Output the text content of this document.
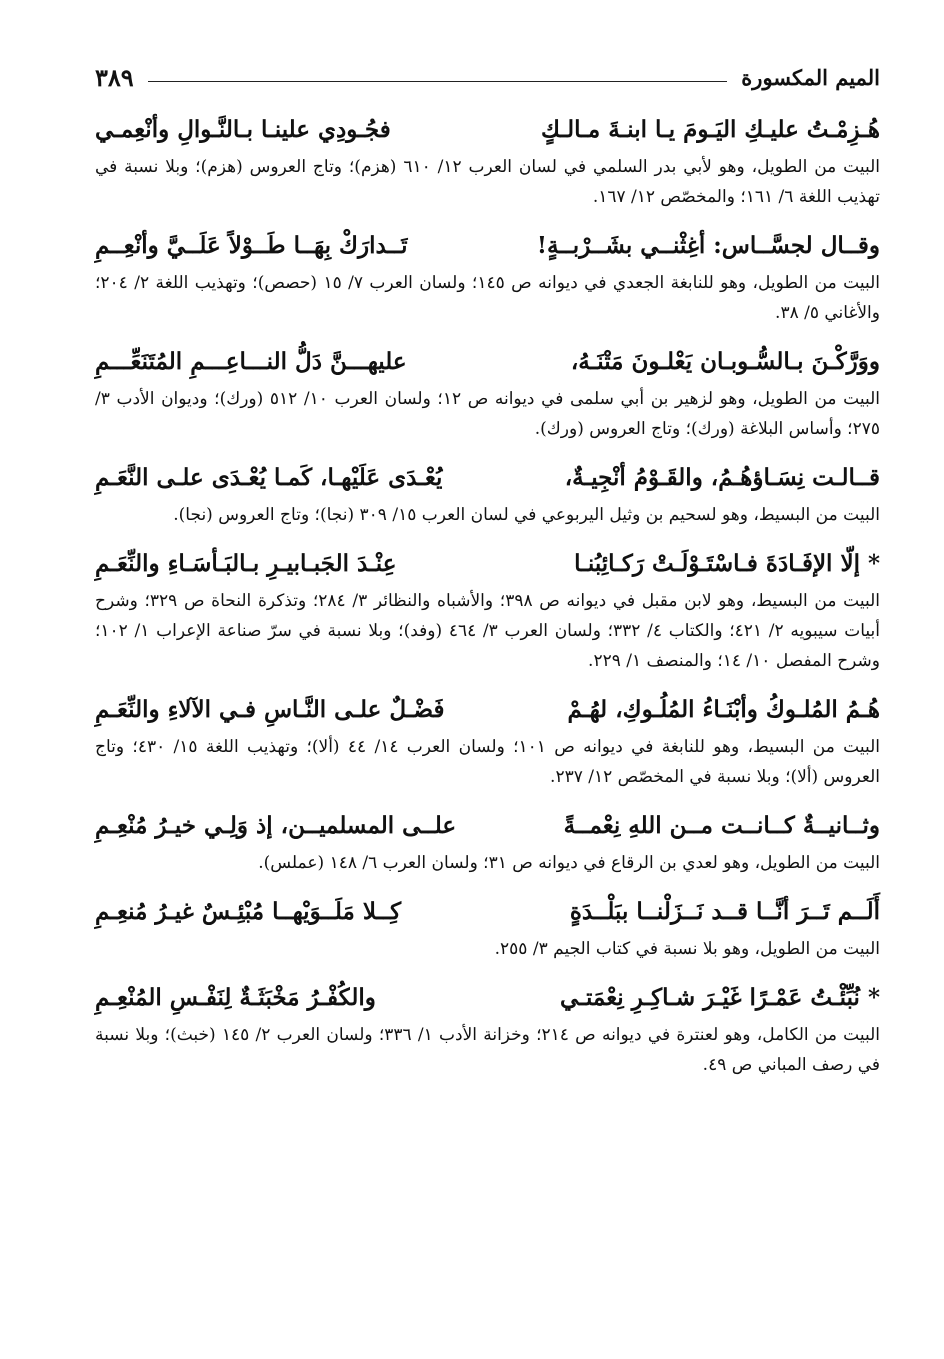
الميم المكسورة
٣٨٩
هُـزِمْـتُ عليـكِ اليَـومَ يـا ابنـةَ مـالـكٍ
فجُـودِي علينـا بـالنَّـوالِ وأنْعِمـي

البيت من الطويل، وهو لأبي بدر السلمي في لسان العرب ١٢/ ٦١٠ (هزم)؛ وتاج العروس (هزم)؛ وبلا نسبة في تهذيب اللغة ٦/ ١٦١؛ والمخصّص ١٢/ ١٦٧.

وقــال لجسَّــاس: أغِثْنــي بشَــرْبــةٍ!
تَــدارَكْ بِهَــا طَــوْلاً عَلَــيَّ وأنْعِــمِ

البيت من الطويل، وهو للنابغة الجعدي في ديوانه ص ١٤٥؛ ولسان العرب ٧/ ١٥ (حصص)؛ وتهذيب اللغة ٢/ ٢٠٤؛ والأغاني ٥/ ٣٨.

ووَرَّكْـنَ بـالسُّـوبـان يَعْلـونَ مَتْنَـهُ،
عليهـــنَّ دَلُّ النـــاعِـــمِ المُتَنَعِّـــمِ

البيت من الطويل، وهو لزهير بن أبي سلمى في ديوانه ص ١٢؛ ولسان العرب ١٠/ ٥١٢ (ورك)؛ وديوان الأدب ٣/ ٢٧٥؛ وأساس البلاغة (ورك)؛ وتاج العروس (ورك).

قــالـت نِسَـاؤهُـمُ، والقَـوْمُ أنْجِيـةٌ،
يُعْـدَى عَلَيْهـا، كَمـا يُعْـدَى علـى النَّعَـمِ

البيت من البسيط، وهو لسحيم بن وثيل اليربوعي في لسان العرب ١٥/ ٣٠٩ (نجا)؛ وتاج العروس (نجا).

* إلّا الإفَـادَةَ فـاسْتَـوْلَـتْ رَكـائِبُنـا
عِنْـدَ الجَبـابيـرِ بـالبَـأسَـاءِ والنِّعَـمِ

البيت من البسيط، وهو لابن مقبل في ديوانه ص ٣٩٨؛ والأشباه والنظائر ٣/ ٢٨٤؛ وتذكرة النحاة ص ٣٢٩؛ وشرح أبيات سيبويه ٢/ ٤٢١؛ والكتاب ٤/ ٣٣٢؛ ولسان العرب ٣/ ٤٦٤ (وفد)؛ وبلا نسبة في سرّ صناعة الإعراب ١/ ١٠٢؛ وشرح المفصل ١٠/ ١٤؛ والمنصف ١/ ٢٢٩.

هُـمُ المُلـوكُ وأبْنَـاءُ المُلُـوكِ، لهُـمْ
فَضْـلٌ علـى النَّـاسِ فـي الآلاءِ والنِّعَـمِ

البيت من البسيط، وهو للنابغة في ديوانه ص ١٠١؛ ولسان العرب ١٤/ ٤٤ (ألا)؛ وتهذيب اللغة ١٥/ ٤٣٠؛ وتاج العروس (ألا)؛ وبلا نسبة في المخصّص ١٢/ ٢٣٧.

وثــانيــةٌ كــانــت مــن اللهِ نِعْمــةً
علــى المسلميــن، إذ وَلِـي خيـرُ مُنْعِـمِ

البيت من الطويل، وهو لعدي بن الرقاع في ديوانه ص ٣١؛ ولسان العرب ٦/ ١٤٨ (عملس).

أَلَــم تَــرَ أنَّــا قــد نَــزَلْنــا ببَلْــدَةٍ
كِــلا مَلَــوَيْهــا مُبْئِـسٌ غيـرُ مُنعِـمِ

البيت من الطويل، وهو بلا نسبة في كتاب الجيم ٣/ ٢٥٥.

* نُبِّئْـتُ عَمْـرًا غَيْـرَ شـاكِـرِ نِعْمَتـي
والكُفْـرُ مَخْبَثَـةٌ لِنَفْـسِ المُنْعِـمِ

البيت من الكامل، وهو لعنترة في ديوانه ص ٢١٤؛ وخزانة الأدب ١/ ٣٣٦؛ ولسان العرب ٢/ ١٤٥ (خبث)؛ وبلا نسبة في رصف المباني ص ٤٩.
